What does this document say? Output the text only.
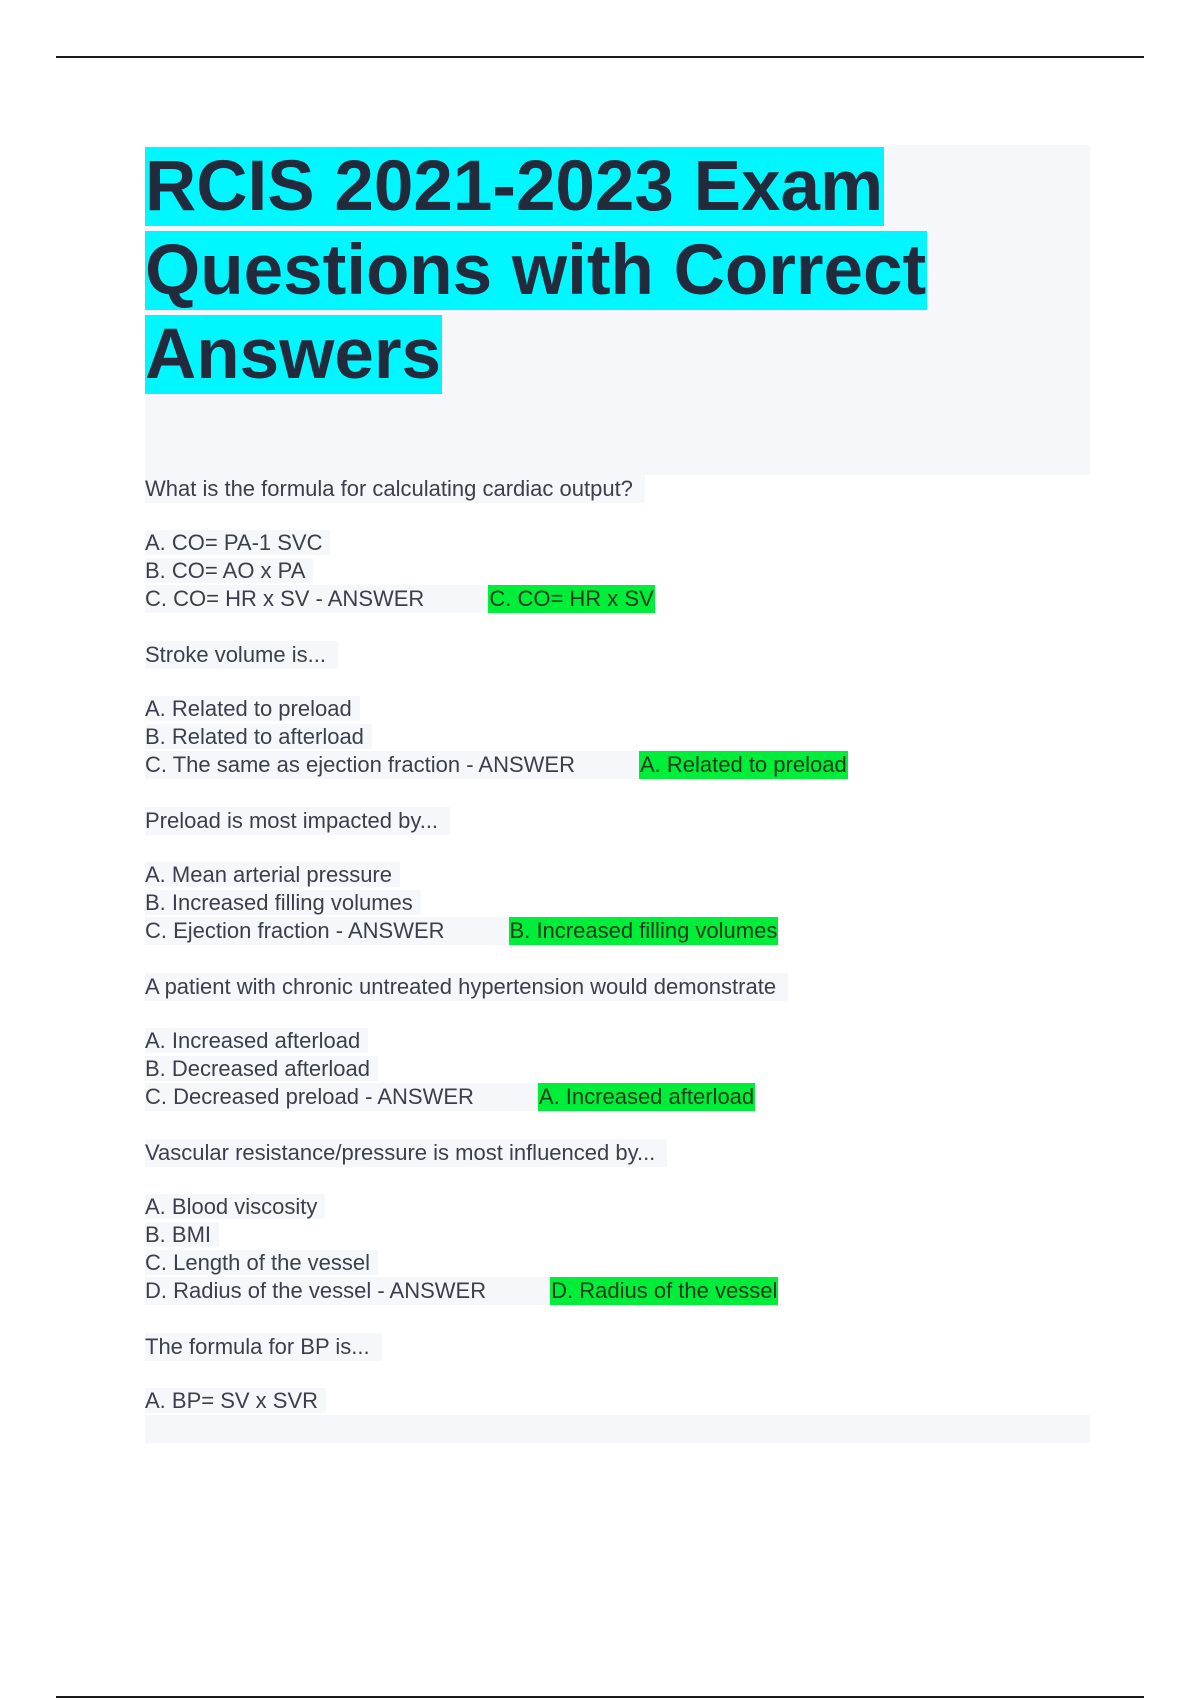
RCIS 2021-2023 Exam Questions with Correct Answers
What is the formula for calculating cardiac output?
A. CO= PA-1 SVC
B. CO= AO x PA
C. CO= HR x SV - ANSWER	C. CO= HR x SV
Stroke volume is...
A. Related to preload
B. Related to afterload
C. The same as ejection fraction - ANSWER	A. Related to preload
Preload is most impacted by...
A. Mean arterial pressure
B. Increased filling volumes
C. Ejection fraction - ANSWER	B. Increased filling volumes
A patient with chronic untreated hypertension would demonstrate
A. Increased afterload
B. Decreased afterload
C. Decreased preload - ANSWER	A. Increased afterload
Vascular resistance/pressure is most influenced by...
A. Blood viscosity
B. BMI
C. Length of the vessel
D. Radius of the vessel - ANSWER	D. Radius of the vessel
The formula for BP is...
A. BP= SV x SVR
